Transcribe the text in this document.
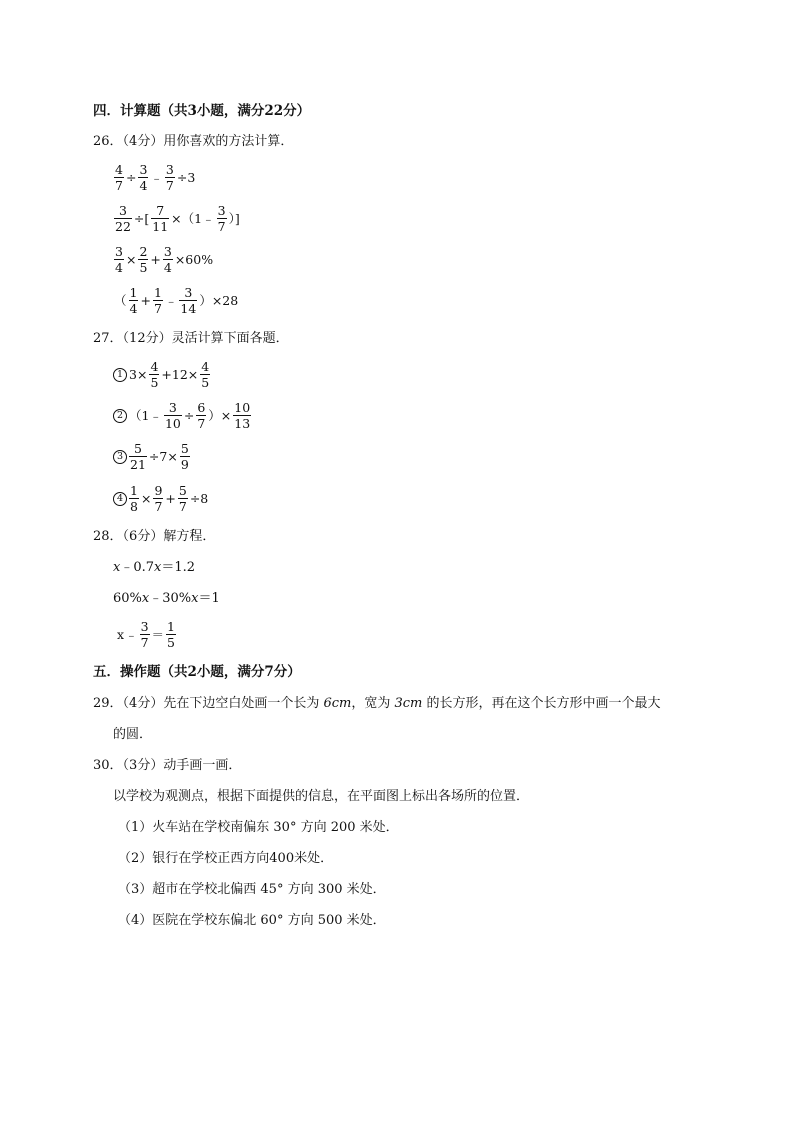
四．计算题（共3小题，满分22分）
26．（4分）用你喜欢的方法计算．
$\frac{4}{7} \div \frac{3}{4}$ ﹣ $\frac{3}{7} \div 3$
$\frac{3}{22}$ ÷[ $\frac{7}{11}$ ×（1﹣ $\frac{3}{7}$ ）]
$\frac{3}{4} \times \frac{2}{5} + \frac{3}{4} \times 60\%$
（ $\frac{1}{4} + \frac{1}{7}$ ﹣ $\frac{3}{14} )\times 28$
27．（12分）灵活计算下面各题．
1 $3\times \frac{4}{5} +12\times \frac{4}{5}$
2 （1﹣ $\frac{3}{10} \div \frac{6}{7}$ ）× $\frac{10}{13}$
$3 \frac{5}{21} \div 7\times \frac{5}{9}$
$4 \frac{1}{8} \times \frac{9}{7} + \frac{5}{7} \div 8$
28．（6分）解方程．
x﹣0.7x＝1.2
60%x﹣30%x＝1
x ﹣ $\frac{3}{7} = \frac{1}{5}$
五．操作题（共2小题，满分7分）
29．（4分）先在下边空白处画一个长为 6cm，宽为 3cm 的长方形，再在这个长方形中画一个最大
的圆．
30．（3分）动手画一画．
以学校为观测点，根据下面提供的信息，在平面图上标出各场所的位置．
（1）火车站在学校南偏东 30° 方向 200 米处．
（2）银行在学校正西方向400米处．
（3）超市在学校北偏西 45° 方向 300 米处．
（4）医院在学校东偏北 60° 方向 500 米处．
